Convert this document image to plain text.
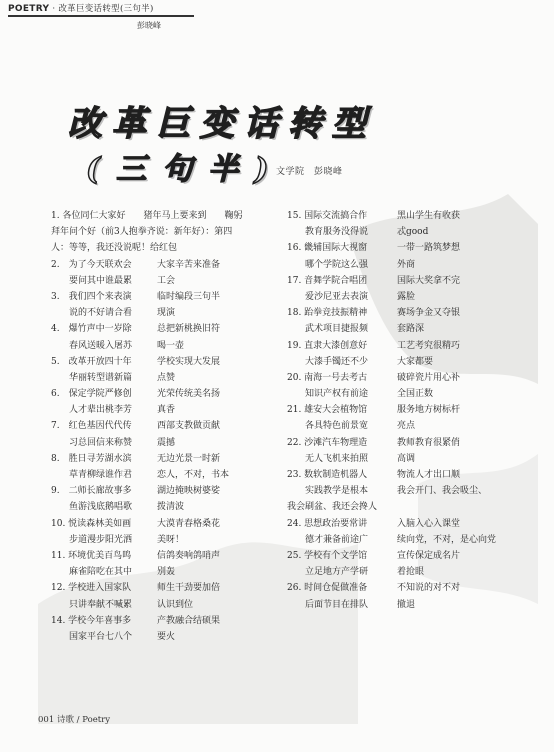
POETRY · 改革巨变话转型(三句半)
彭晓峰
改革巨变话转型
(三句半)
文学院　彭晓峰
1. 各位同仁大家好　　猪年马上要来到　　鞠躬
拜年问个好（前3人抱拳齐说：新年好）：第四
人：等等，我还没说呢！给红包
2.　为了今天联欢会	大家辛苦来准备
　　要问其中谁最累	工会
3.　我们四个来表演	临时编段三句半
　　说的不好请合看	现演
4.　爆竹声中一岁除	总把新桃换旧符
　　春风送暖入屠苏	喝一壶
5.　改革开放四十年	学校实现大发展
　　华丽转型谱新篇	点赞
6.　保定学院严修创	光荣传统美名扬
　　人才辈出桃李芳	真香
7.　红色基因代代传	西部支教做贡献
　　习总回信来称赞	震撼
8.　胜日寻芳湖水滨	无边光景一时新
　　草青柳绿谁作君	恋人，不对，书本
9.　二师长廊故事多	湖边掩映树婆娑
　　鱼游浅底鹅唱歌	拨清波
10. 悦读森林美如画	大漠青春格桑花
　　步道漫步阳光洒	美呀！
11. 环境优美百鸟鸣	信鸽奏响鸽哨声
　　麻雀陪吃在其中	别轰
12. 学校进入国家队	师生干劲要加倍
　　只讲奉献不喊累	认识到位
14. 学校今年喜事多	产教融合结硕果
　　国家平台七八个	要火
15. 国际交流搞合作	黑山学生有收获
　　教育服务没得说	忒good
16. 畿辅国际大视窗	一带一路筑梦想
　　哪个学院这么强	外商
17. 音舞学院合唱团	国际大奖拿不完
　　爱沙尼亚去表演	露脸
18. 跆拳竞技振精神	赛场争金又夺银
　　武术项目捷报频	套路深
19. 直隶大漆创意好	工艺考究很精巧
　　大漆手镯还不少	大家都要
20. 南海一号去考古	破碎瓷片用心补
　　知识产权有前途	全国正数
21. 雄安大会植物馆	服务地方树标杆
　　各具特色前景宽	亮点
22. 沙滩汽车物理造	教师教育很紧俏
　　无人飞机来拍照	高调
23. 数软制造机器人	物流人才出口顺
　　实践教学是根本	我会开门、我会吸尘、
我会刷盆、我还会搀人
24. 思想政治要常讲	入脑入心入课堂
　　德才兼备前途广	续向党，不对，是心向党
25. 学校有个文学馆	宣传保定成名片
　　立足地方产学研	着抢眼
26. 时间仓促做准备	不知说的对不对
　　后面节目在排队	撤退
001 诗歌 / Poetry
